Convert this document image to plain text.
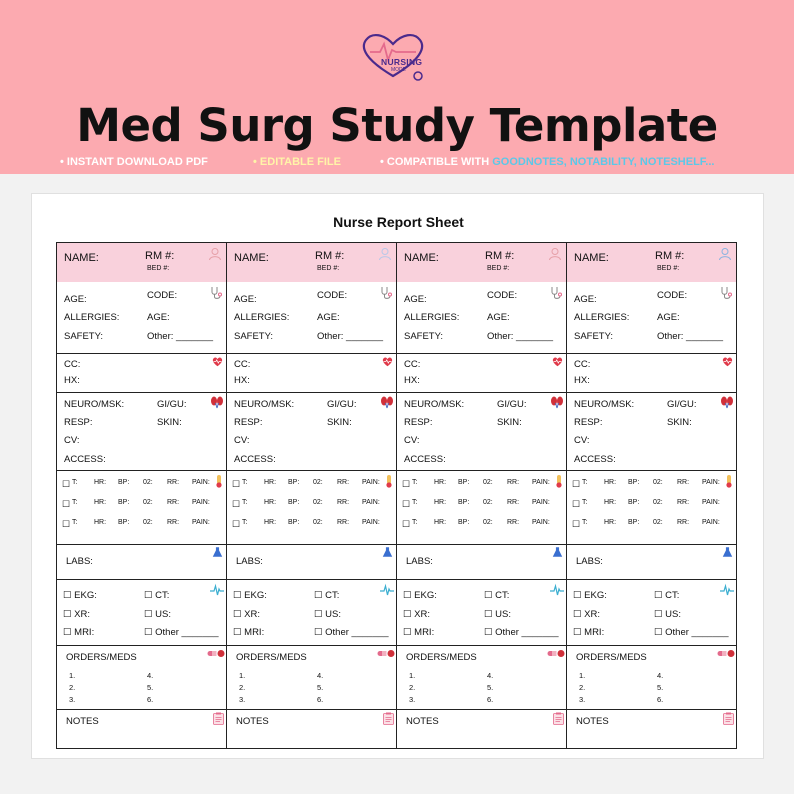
NURSING
MODE
Med Surg Study Template
• INSTANT DOWNLOAD PDF	• EDITABLE FILE	• COMPATIBLE WITH GOODNOTES, NOTABILITY, NOTESHELF...
Nurse Report Sheet
NAME:	RM #:
BED #:
AGE:	CODE:
ALLERGIES:	AGE:
SAFETY:	Other: _______
CC:
HX:
NEURO/MSK:	GI/GU:
RESP:	SKIN:
CV:
ACCESS:
☐ T: HR: BP: 02: RR: PAIN:
☐ T: HR: BP: 02: RR: PAIN:
☐ T: HR: BP: 02: RR: PAIN:
LABS:
☐ EKG:	☐ CT:
☐ XR:	☐ US:
☐ MRI:	☐ Other _______
ORDERS/MEDS
1.
2.
3.
4.
5.
6.
NOTES
NAME:	RM #:
BED #:
AGE:	CODE:
ALLERGIES:	AGE:
SAFETY:	Other: _______
CC:
HX:
NEURO/MSK:	GI/GU:
RESP:	SKIN:
CV:
ACCESS:
☐ T: HR: BP: 02: RR: PAIN:
☐ T: HR: BP: 02: RR: PAIN:
☐ T: HR: BP: 02: RR: PAIN:
LABS:
☐ EKG:	☐ CT:
☐ XR:	☐ US:
☐ MRI:	☐ Other _______
ORDERS/MEDS
1.
2.
3.
4.
5.
6.
NOTES
NAME:	RM #:
BED #:
AGE:	CODE:
ALLERGIES:	AGE:
SAFETY:	Other: _______
CC:
HX:
NEURO/MSK:	GI/GU:
RESP:	SKIN:
CV:
ACCESS:
☐ T: HR: BP: 02: RR: PAIN:
☐ T: HR: BP: 02: RR: PAIN:
☐ T: HR: BP: 02: RR: PAIN:
LABS:
☐ EKG:	☐ CT:
☐ XR:	☐ US:
☐ MRI:	☐ Other _______
ORDERS/MEDS
1.
2.
3.
4.
5.
6.
NOTES
NAME:	RM #:
BED #:
AGE:	CODE:
ALLERGIES:	AGE:
SAFETY:	Other: _______
CC:
HX:
NEURO/MSK:	GI/GU:
RESP:	SKIN:
CV:
ACCESS:
☐ T: HR: BP: 02: RR: PAIN:
☐ T: HR: BP: 02: RR: PAIN:
☐ T: HR: BP: 02: RR: PAIN:
LABS:
☐ EKG:	☐ CT:
☐ XR:	☐ US:
☐ MRI:	☐ Other _______
ORDERS/MEDS
1.
2.
3.
4.
5.
6.
NOTES
